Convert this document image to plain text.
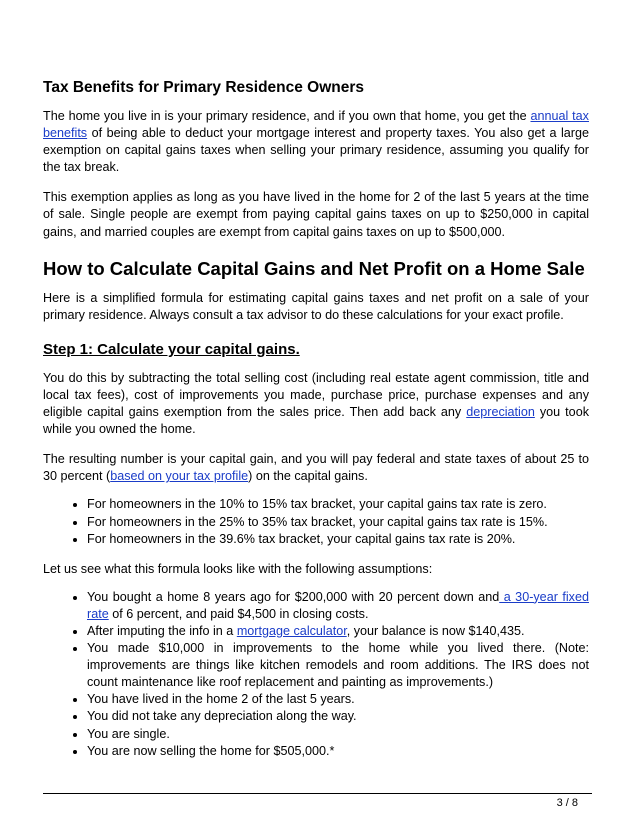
Tax Benefits for Primary Residence Owners

The home you live in is your primary residence, and if you own that home, you get the annual tax benefits of being able to deduct your mortgage interest and property taxes. You also get a large exemption on capital gains taxes when selling your primary residence, assuming you qualify for the tax break.

This exemption applies as long as you have lived in the home for 2 of the last 5 years at the time of sale. Single people are exempt from paying capital gains taxes on up to $250,000 in capital gains, and married couples are exempt from capital gains taxes on up to $500,000.

How to Calculate Capital Gains and Net Profit on a Home Sale

Here is a simplified formula for estimating capital gains taxes and net profit on a sale of your primary residence. Always consult a tax advisor to do these calculations for your exact profile.

Step 1: Calculate your capital gains.

You do this by subtracting the total selling cost (including real estate agent commission, title and local tax fees), cost of improvements you made, purchase price, purchase expenses and any eligible capital gains exemption from the sales price. Then add back any depreciation you took while you owned the home.

The resulting number is your capital gain, and you will pay federal and state taxes of about 25 to 30 percent (based on your tax profile) on the capital gains.

• For homeowners in the 10% to 15% tax bracket, your capital gains tax rate is zero.
• For homeowners in the 25% to 35% tax bracket, your capital gains tax rate is 15%.
• For homeowners in the 39.6% tax bracket, your capital gains tax rate is 20%.

Let us see what this formula looks like with the following assumptions:

• You bought a home 8 years ago for $200,000 with 20 percent down and a 30-year fixed rate of 6 percent, and paid $4,500 in closing costs.
• After imputing the info in a mortgage calculator, your balance is now $140,435.
• You made $10,000 in improvements to the home while you lived there. (Note: improvements are things like kitchen remodels and room additions. The IRS does not count maintenance like roof replacement and painting as improvements.)
• You have lived in the home 2 of the last 5 years.
• You did not take any depreciation along the way.
• You are single.
• You are now selling the home for $505,000.*
3 / 8
